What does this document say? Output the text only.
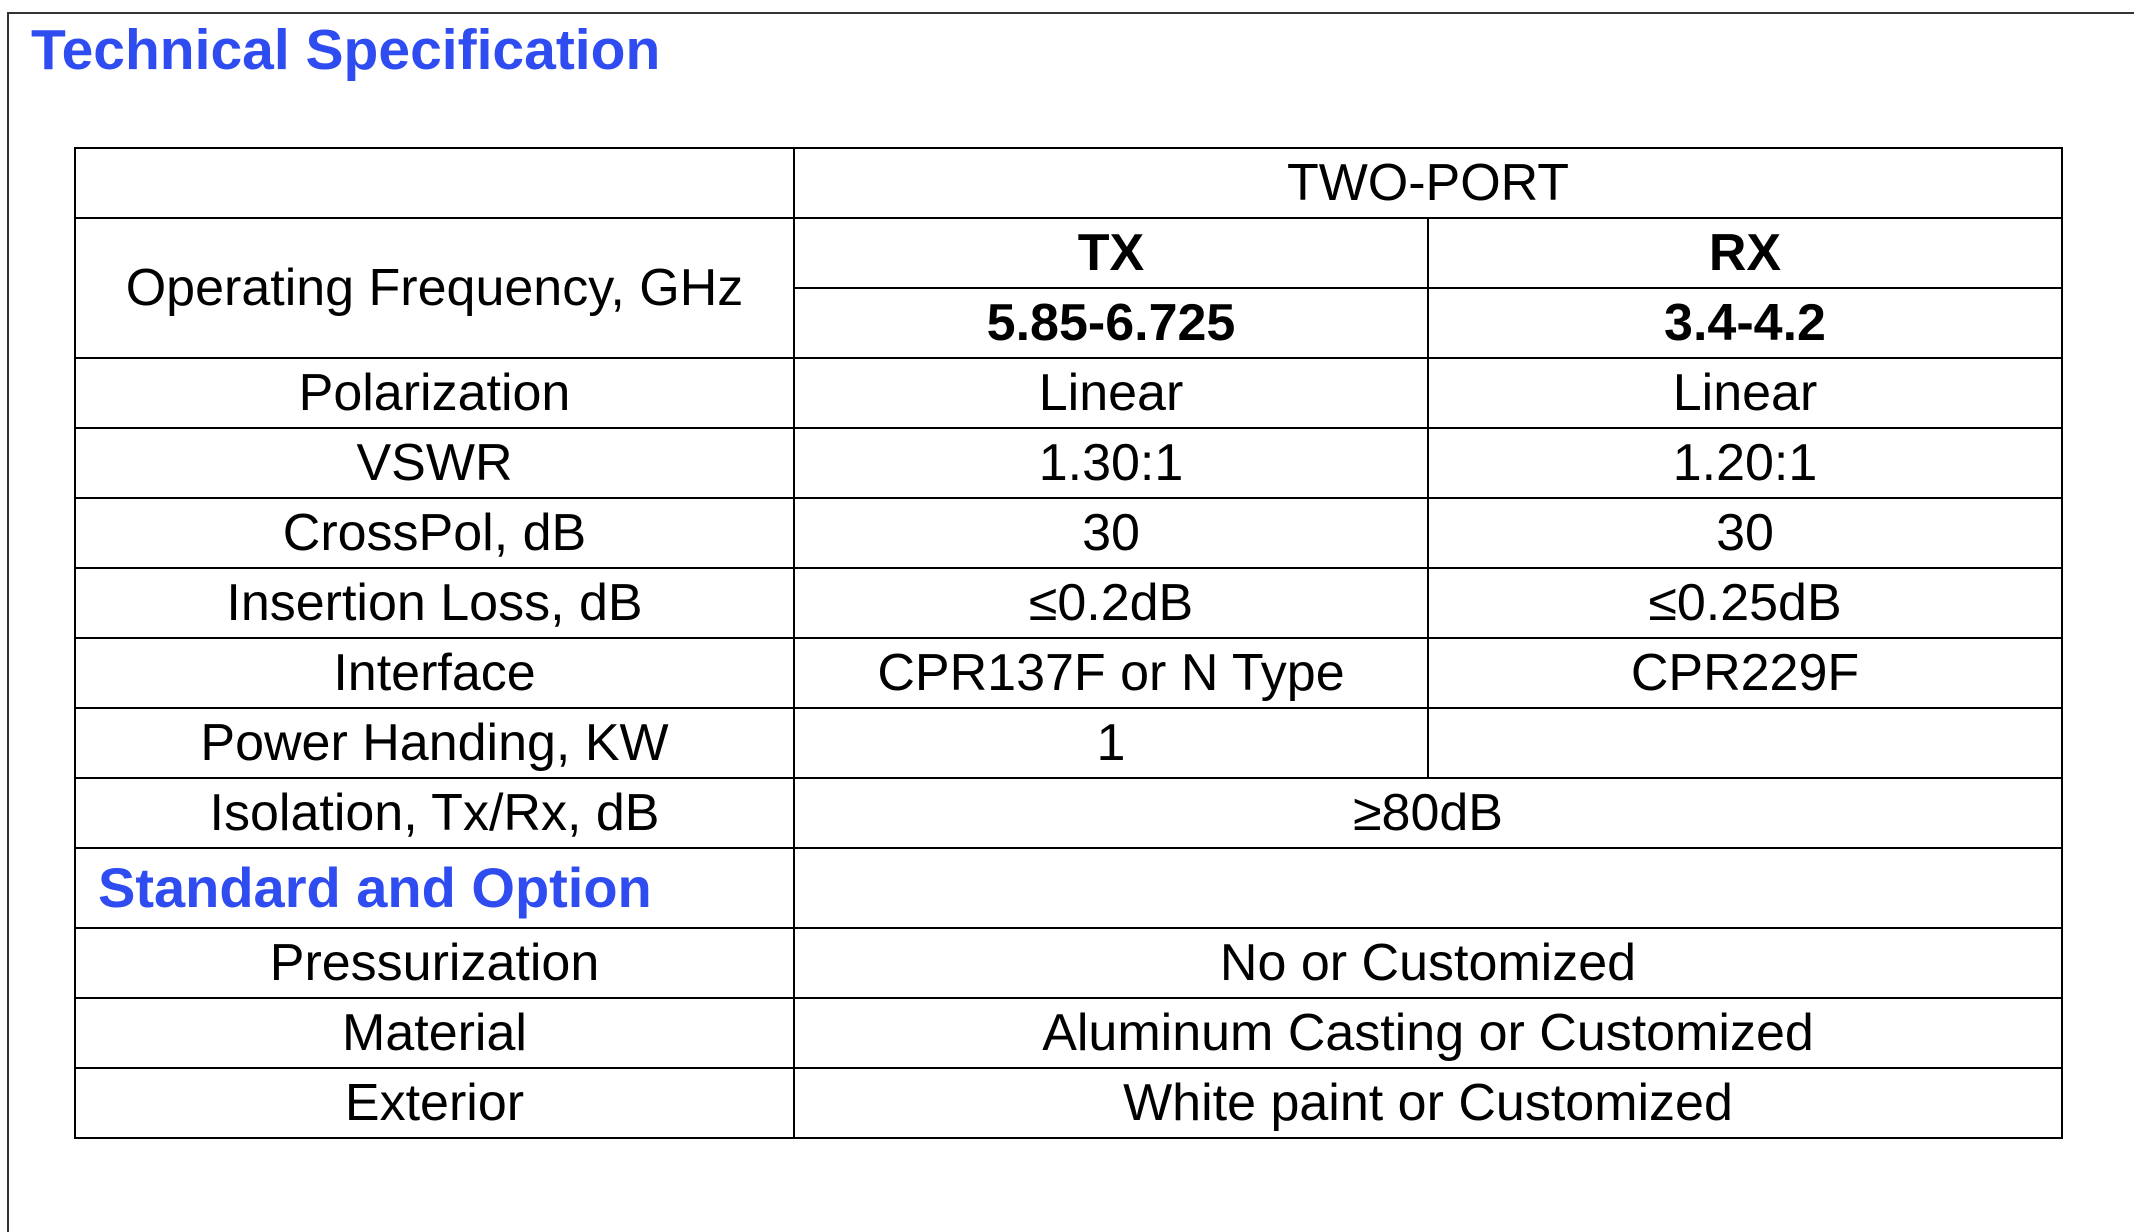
Technical Specification
	TWO-PORT	
Operating Frequency, GHz	TX	RX
	5.85-6.725	3.4-4.2
Polarization	Linear	Linear
VSWR	1.30:1	1.20:1
CrossPol, dB	30	30
Insertion Loss, dB	≤0.2dB	≤0.25dB
Interface	CPR137F or N Type	CPR229F
Power Handing, KW	1	
Isolation, Tx/Rx, dB	≥80dB	
Standard and Option		
Pressurization	No or Customized	
Material	Aluminum Casting or Customized	
Exterior	White paint or Customized	
